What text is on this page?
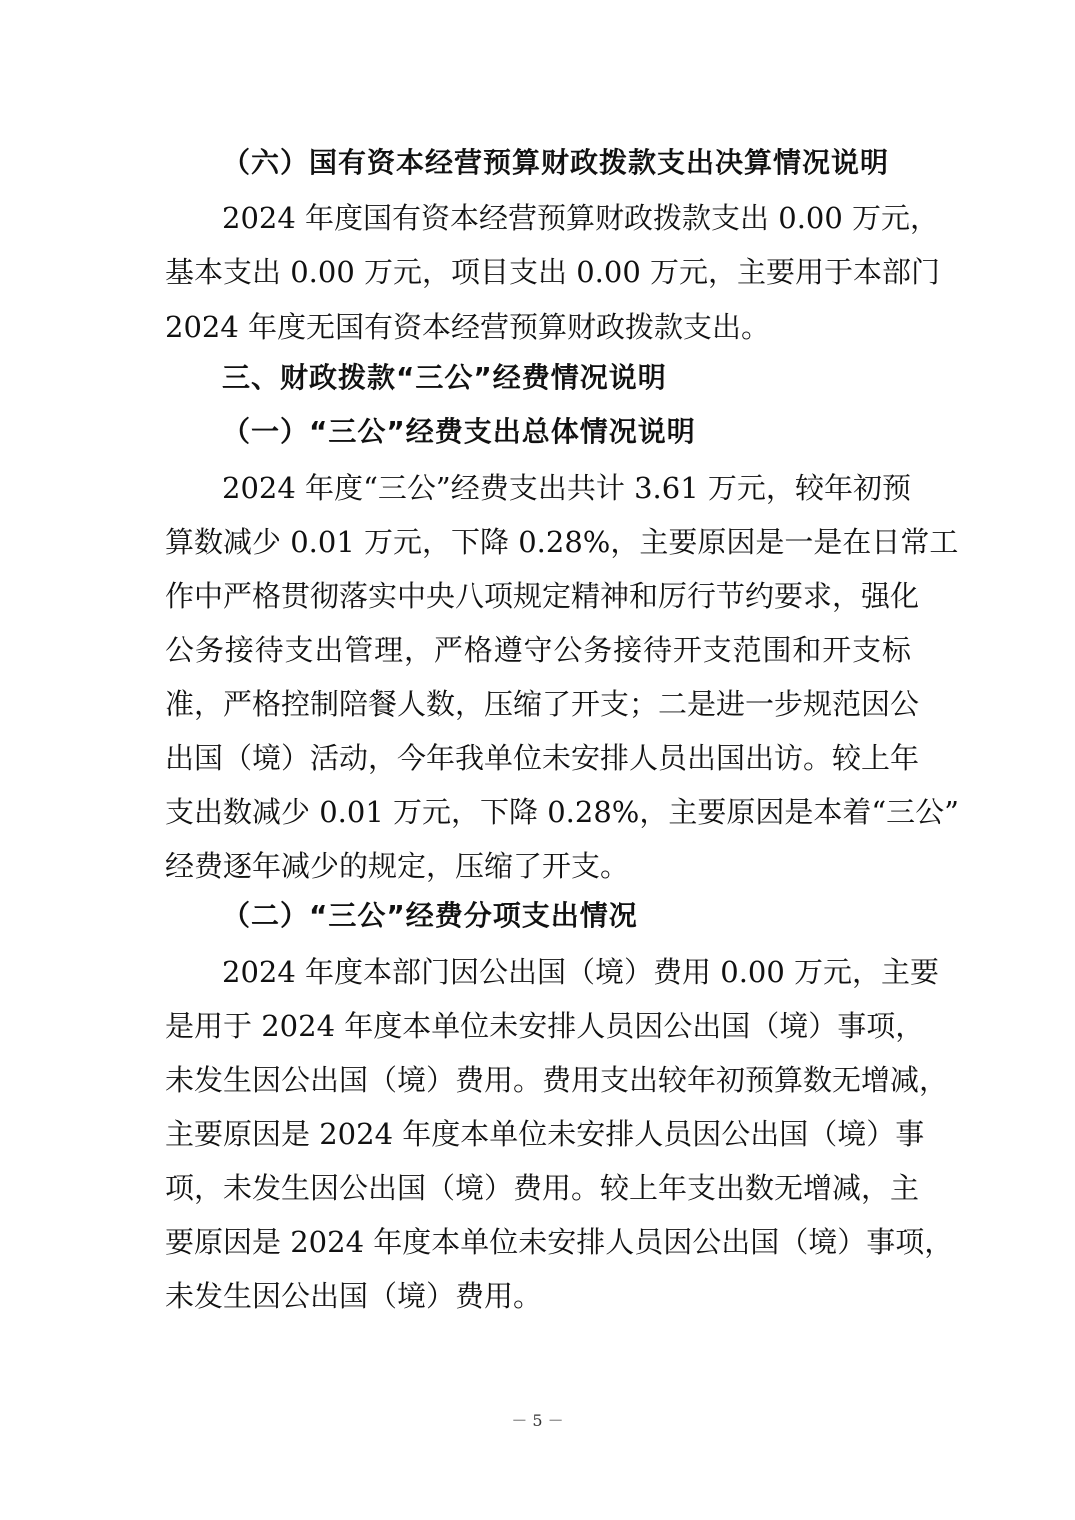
（六）国有资本经营预算财政拨款支出决算情况说明
2024 年度国有资本经营预算财政拨款支出 0.00 万元，
基本支出 0.00 万元，项目支出 0.00 万元，主要用于本部门
2024 年度无国有资本经营预算财政拨款支出。
三、财政拨款“三公”经费情况说明
（一）“三公”经费支出总体情况说明
2024 年度“三公”经费支出共计 3.61 万元，较年初预
算数减少 0.01 万元，下降 0.28%，主要原因是一是在日常工
作中严格贯彻落实中央八项规定精神和厉行节约要求，强化
公务接待支出管理，严格遵守公务接待开支范围和开支标
准，严格控制陪餐人数，压缩了开支；二是进一步规范因公
出国（境）活动，今年我单位未安排人员出国出访。较上年
支出数减少 0.01 万元，下降 0.28%，主要原因是本着“三公”
经费逐年减少的规定，压缩了开支。
（二）“三公”经费分项支出情况
2024 年度本部门因公出国（境）费用 0.00 万元，主要
是用于 2024 年度本单位未安排人员因公出国（境）事项，
未发生因公出国（境）费用。费用支出较年初预算数无增减，
主要原因是 2024 年度本单位未安排人员因公出国（境）事
项，未发生因公出国（境）费用。较上年支出数无增减，主
要原因是 2024 年度本单位未安排人员因公出国（境）事项，
未发生因公出国（境）费用。
－ 5 －
